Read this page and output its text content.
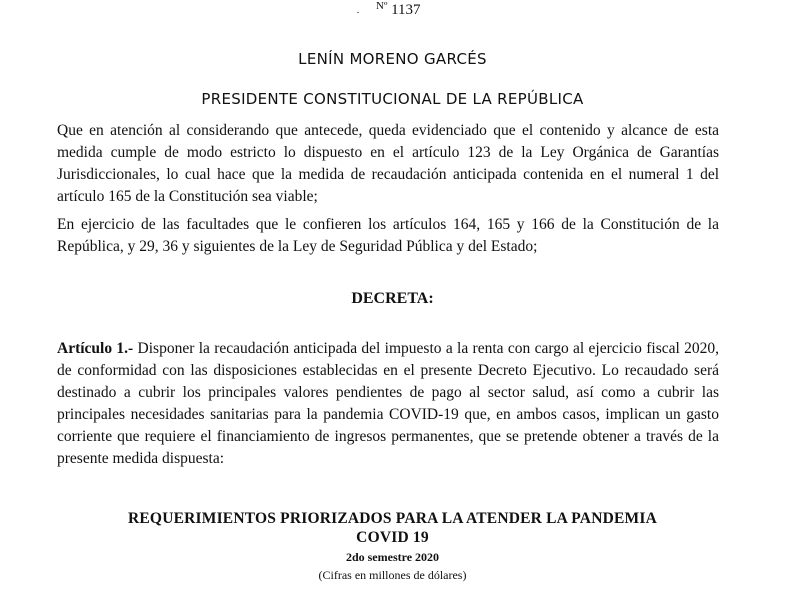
$^{Nº}$ 1137
LENÍN MORENO GARCÉS
PRESIDENTE CONSTITUCIONAL DE LA REPÚBLICA

Que en atención al considerando que antecede, queda evidenciado que el contenido y alcance de esta medida cumple de modo estricto lo dispuesto en el artículo 123 de la Ley Orgánica de Garantías Jurisdiccionales, lo cual hace que la medida de recaudación anticipada contenida en el numeral 1 del artículo 165 de la Constitución sea viable;

En ejercicio de las facultades que le confieren los artículos 164, 165 y 166 de la Constitución de la República, y 29, 36 y siguientes de la Ley de Seguridad Pública y del Estado;

DECRETA:

Artículo 1.- Disponer la recaudación anticipada del impuesto a la renta con cargo al ejercicio fiscal 2020, de conformidad con las disposiciones establecidas en el presente Decreto Ejecutivo. Lo recaudado será destinado a cubrir los principales valores pendientes de pago al sector salud, así como a cubrir las principales necesidades sanitarias para la pandemia COVID-19 que, en ambos casos, implican un gasto corriente que requiere el financiamiento de ingresos permanentes, que se pretende obtener a través de la presente medida dispuesta:

REQUERIMIENTOS PRIORIZADOS PARA LA ATENDER LA PANDEMIA
COVID 19
2do semestre 2020
(Cifras en millones de dólares)
